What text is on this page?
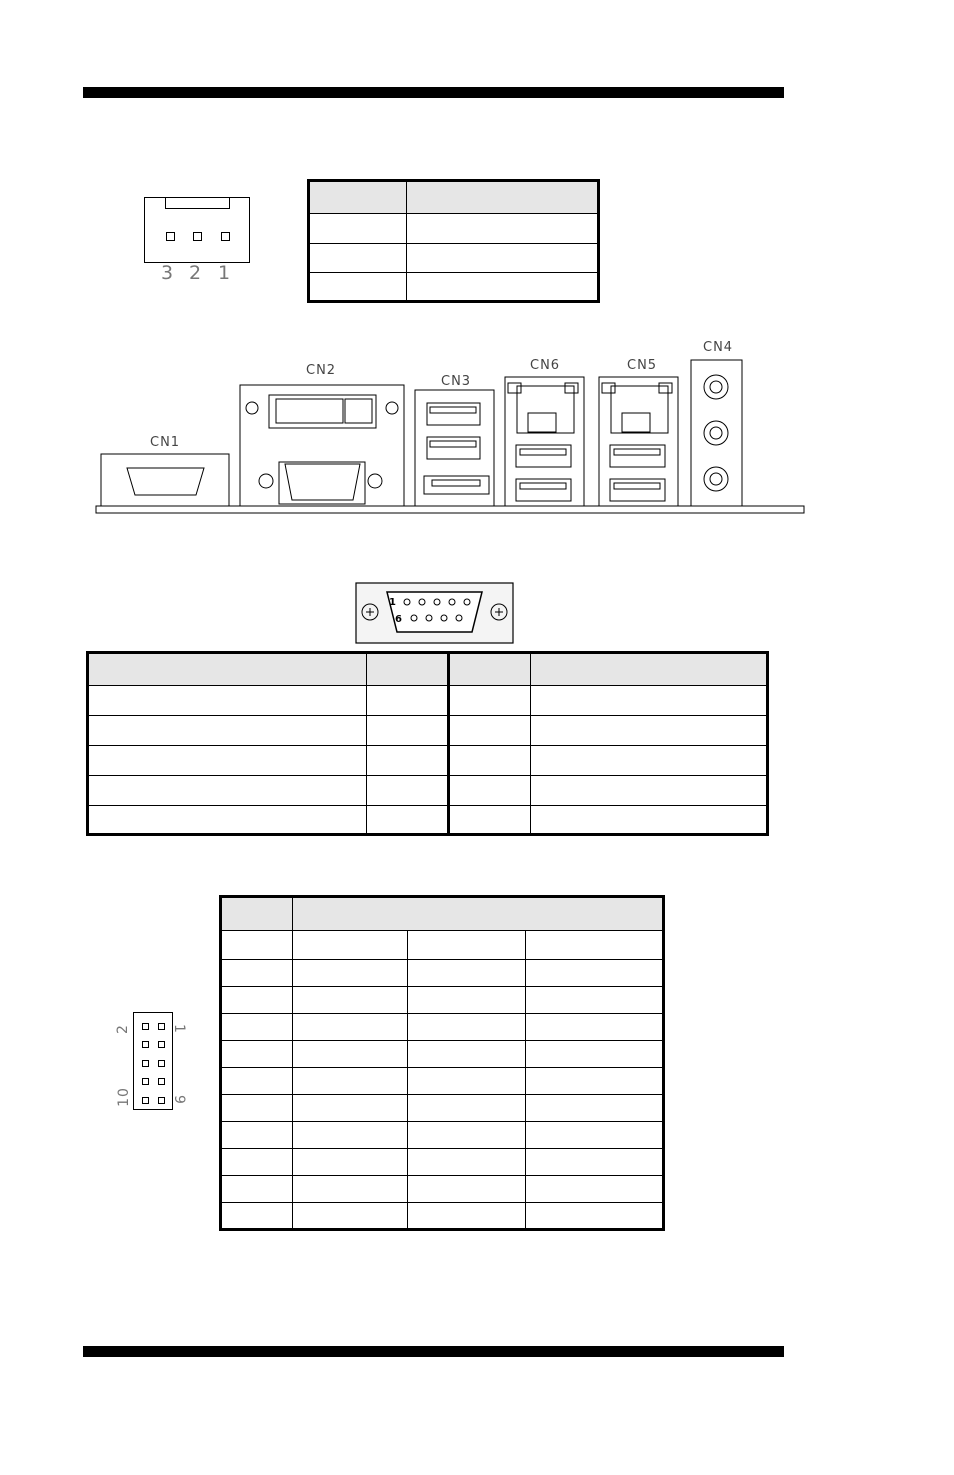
3 2 1

CN1
CN2
CN3
CN6	CN5
CN4
1
6

2	1
10	9
